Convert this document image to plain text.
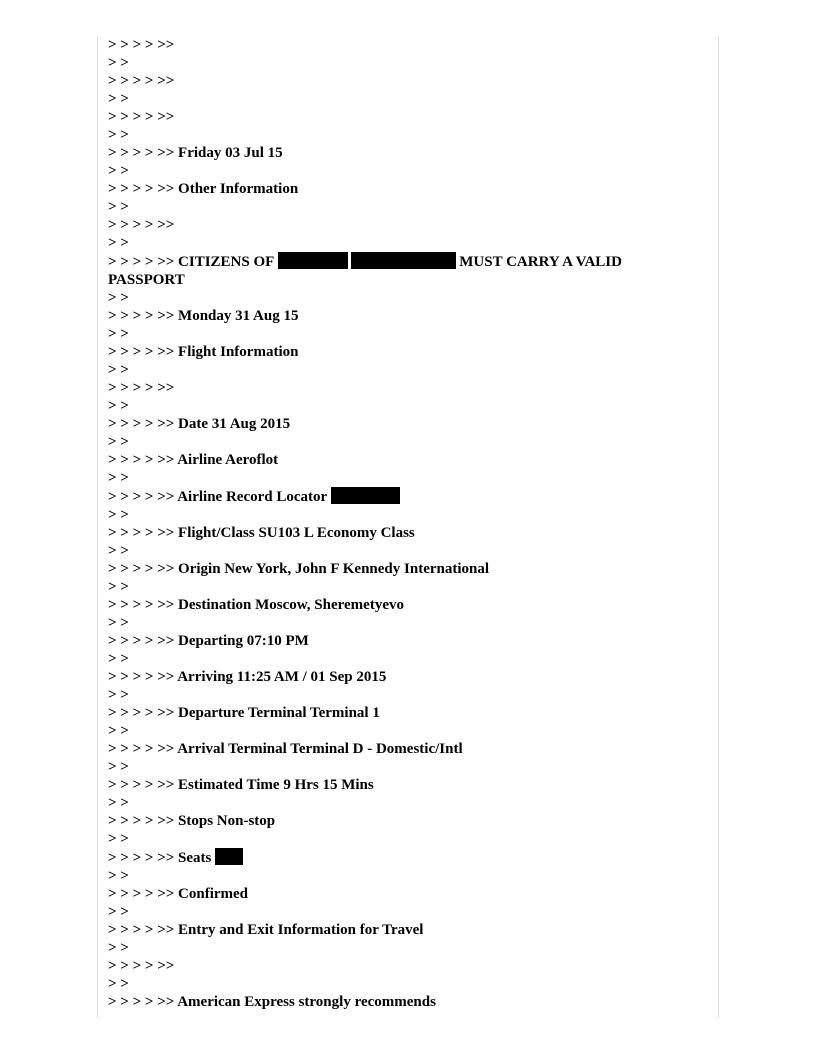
> > > > >>
> >
> > > > >>
> >
> > > > >>
> >
> > > > >> Friday 03 Jul 15
> >
> > > > >> Other Information
> >
> > > > >>
> >
> > > > >> CITIZENS OF	MUST CARRY A VALID PASSPORT
> >
> > > > >> Monday 31 Aug 15
> >
> > > > >> Flight Information
> >
> > > > >>
> >
> > > > >> Date 31 Aug 2015
> >
> > > > >> Airline Aeroflot
> >
> > > > >> Airline Record Locator
> >
> > > > >> Flight/Class SU103 L Economy Class
> >
> > > > >> Origin New York, John F Kennedy International
> >
> > > > >> Destination Moscow, Sheremetyevo
> >
> > > > >> Departing 07:10 PM
> >
> > > > >> Arriving 11:25 AM / 01 Sep 2015
> >
> > > > >> Departure Terminal Terminal 1
> >
> > > > >> Arrival Terminal Terminal D - Domestic/Intl
> >
> > > > >> Estimated Time 9 Hrs 15 Mins
> >
> > > > >> Stops Non-stop
> >
> > > > >> Seats
> >
> > > > >> Confirmed
> >
> > > > >> Entry and Exit Information for Travel
> >
> > > > >>
> >
> > > > >> American Express strongly recommends
